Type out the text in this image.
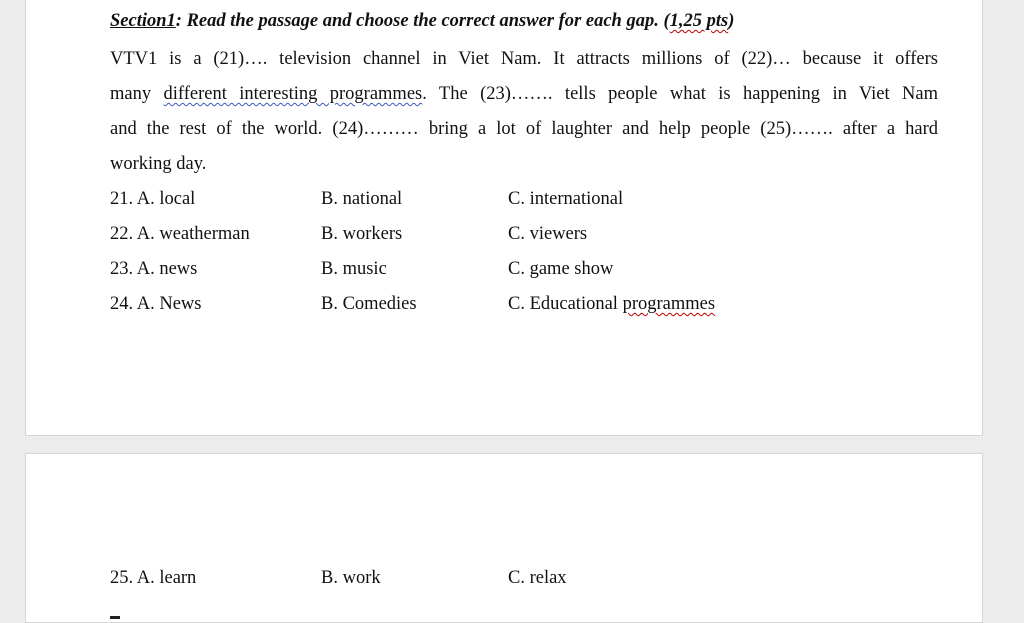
Section1: Read the passage and choose the correct answer for each gap. (1,25 pts)
VTV1 is a (21)…. television channel in Viet Nam. It attracts millions of (22)… because it offers
many different interesting programmes. The (23)……. tells people what is happening in Viet Nam
and the rest of the world. (24)……… bring a lot of laughter and help people (25)……. after a hard
working day.
21. A. local	B. national	C. international
22. A. weatherman	B. workers	C. viewers
23. A. news	B. music	C. game show
24. A. News	B. Comedies	C. Educational programmes
25. A. learn	B. work	C. relax
